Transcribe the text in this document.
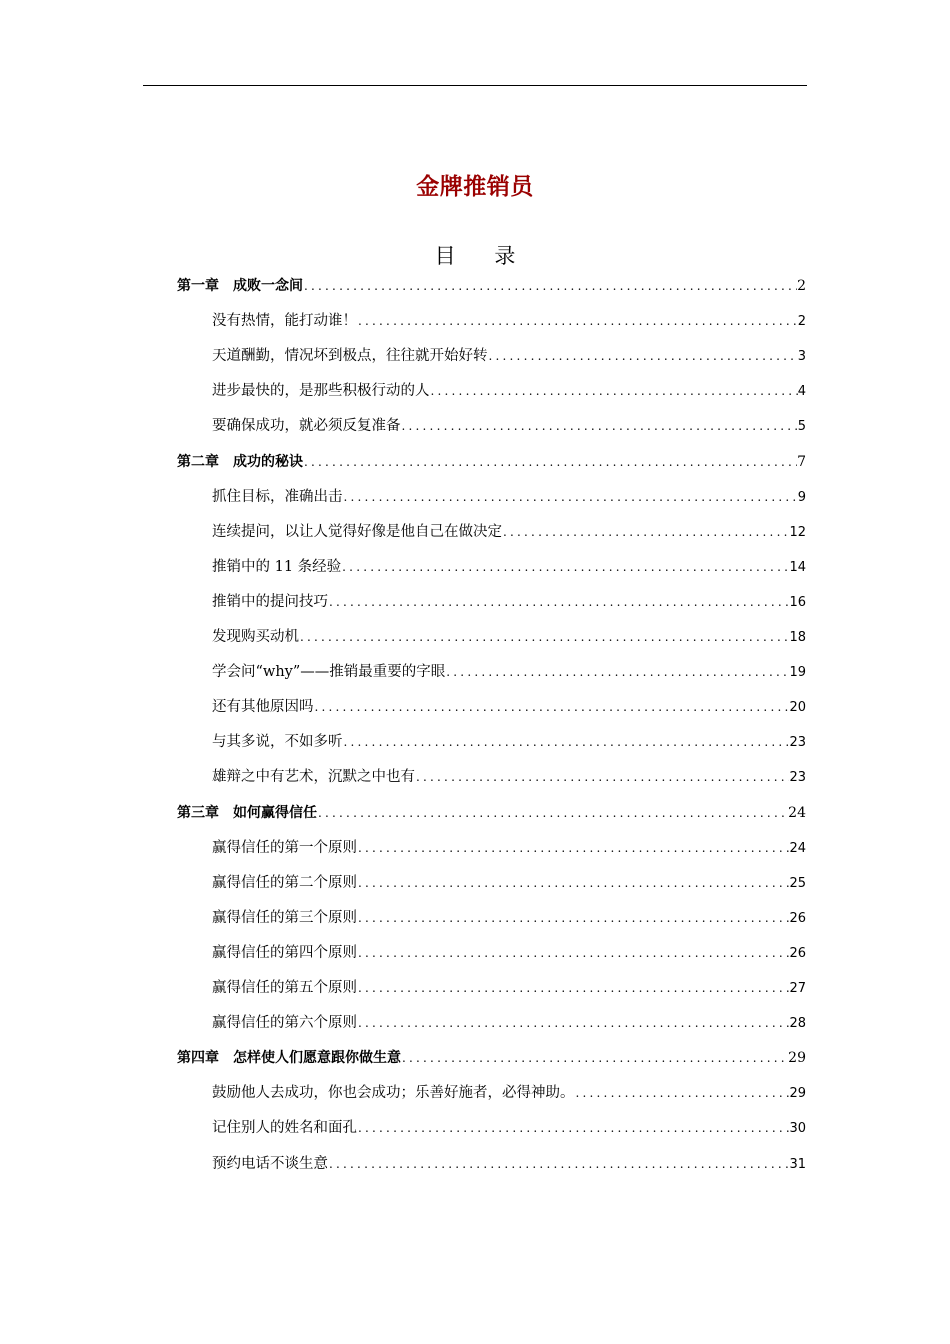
金牌推销员
目 录
第一章　成败一念间 .....	2
没有热情，能打动谁！ .....	2
天道酬勤，情况坏到极点，往往就开始好转 .....	3
进步最快的，是那些积极行动的人 .....	4
要确保成功，就必须反复准备 .....	5
第二章　成功的秘诀 .....	7
抓住目标，准确出击 .....	9
连续提问，以让人觉得好像是他自己在做决定 .....	12
推销中的 11 条经验 .....	14
推销中的提问技巧 .....	16
发现购买动机 .....	18
学会问“why”——推销最重要的字眼 .....	19
还有其他原因吗 .....	20
与其多说，不如多听 .....	23
雄辩之中有艺术，沉默之中也有 .....	23
第三章　如何赢得信任 .....	24
赢得信任的第一个原则 .....	24
赢得信任的第二个原则 .....	25
赢得信任的第三个原则 .....	26
赢得信任的第四个原则 .....	26
赢得信任的第五个原则 .....	27
赢得信任的第六个原则 .....	28
第四章　怎样使人们愿意跟你做生意 .....	29
鼓励他人去成功，你也会成功；乐善好施者，必得神助。 .....	29
记住别人的姓名和面孔 .....	30
预约电话不谈生意 .....	31
